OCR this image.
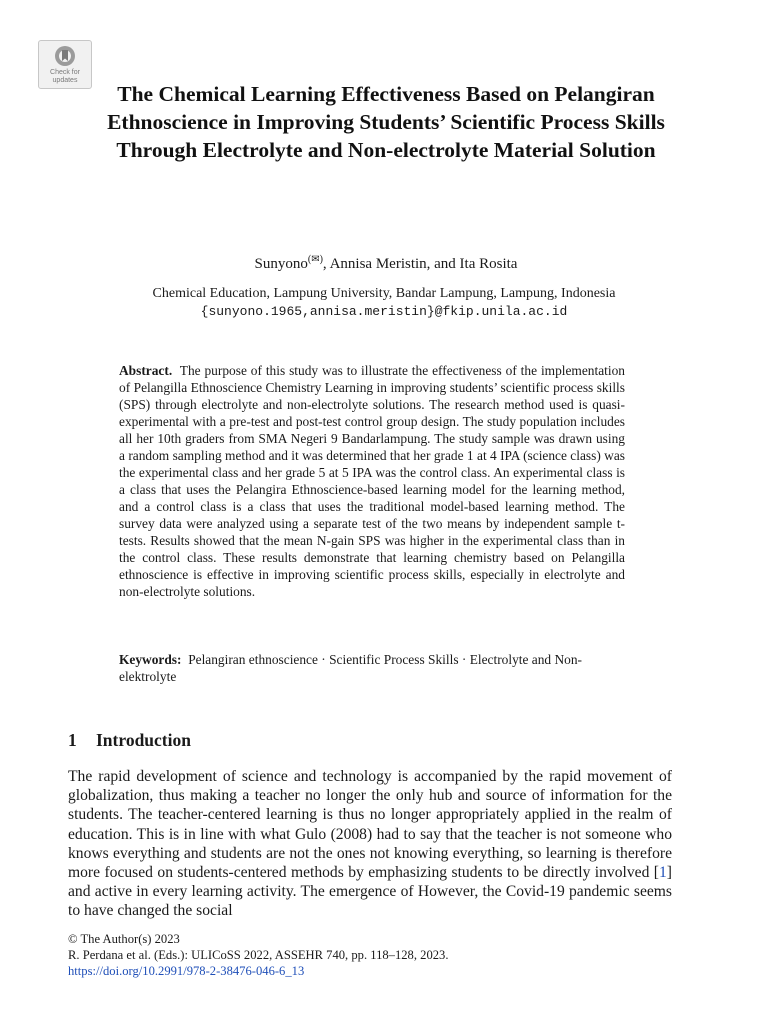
Check for
updates
The Chemical Learning Effectiveness Based on Pelangiran Ethnoscience in Improving Students’ Scientific Process Skills Through Electrolyte and Non-electrolyte Material Solution
Sunyono(✉), Annisa Meristin, and Ita Rosita
Chemical Education, Lampung University, Bandar Lampung, Lampung, Indonesia
{sunyono.1965,annisa.meristin}@fkip.unila.ac.id
Abstract. The purpose of this study was to illustrate the effectiveness of the implementation of Pelangilla Ethnoscience Chemistry Learning in improving students’ scientific process skills (SPS) through electrolyte and non-electrolyte solutions. The research method used is quasi-experimental with a pre-test and post-test control group design. The study population includes all her 10th graders from SMA Negeri 9 Bandarlampung. The study sample was drawn using a random sampling method and it was determined that her grade 1 at 4 IPA (science class) was the experimental class and her grade 5 at 5 IPA was the control class. An experimental class is a class that uses the Pelangira Ethnoscience-based learning model for the learning method, and a control class is a class that uses the traditional model-based learning method. The survey data were analyzed using a separate test of the two means by independent sample t-tests. Results showed that the mean N-gain SPS was higher in the experimental class than in the control class. These results demonstrate that learning chemistry based on Pelangilla ethnoscience is effective in improving scientific process skills, especially in electrolyte and non-electrolyte solutions.
Keywords: Pelangiran ethnoscience · Scientific Process Skills · Electrolyte and Non-elektrolyte
1 Introduction
The rapid development of science and technology is accompanied by the rapid movement of globalization, thus making a teacher no longer the only hub and source of information for the students. The teacher-centered learning is thus no longer appropriately applied in the realm of education. This is in line with what Gulo (2008) had to say that the teacher is not someone who knows everything and students are not the ones not knowing everything, so learning is therefore more focused on students-centered methods by emphasizing students to be directly involved [1] and active in every learning activity. The emergence of However, the Covid-19 pandemic seems to have changed the social
© The Author(s) 2023
R. Perdana et al. (Eds.): ULICoSS 2022, ASSEHR 740, pp. 118–128, 2023.
https://doi.org/10.2991/978-2-38476-046-6_13
